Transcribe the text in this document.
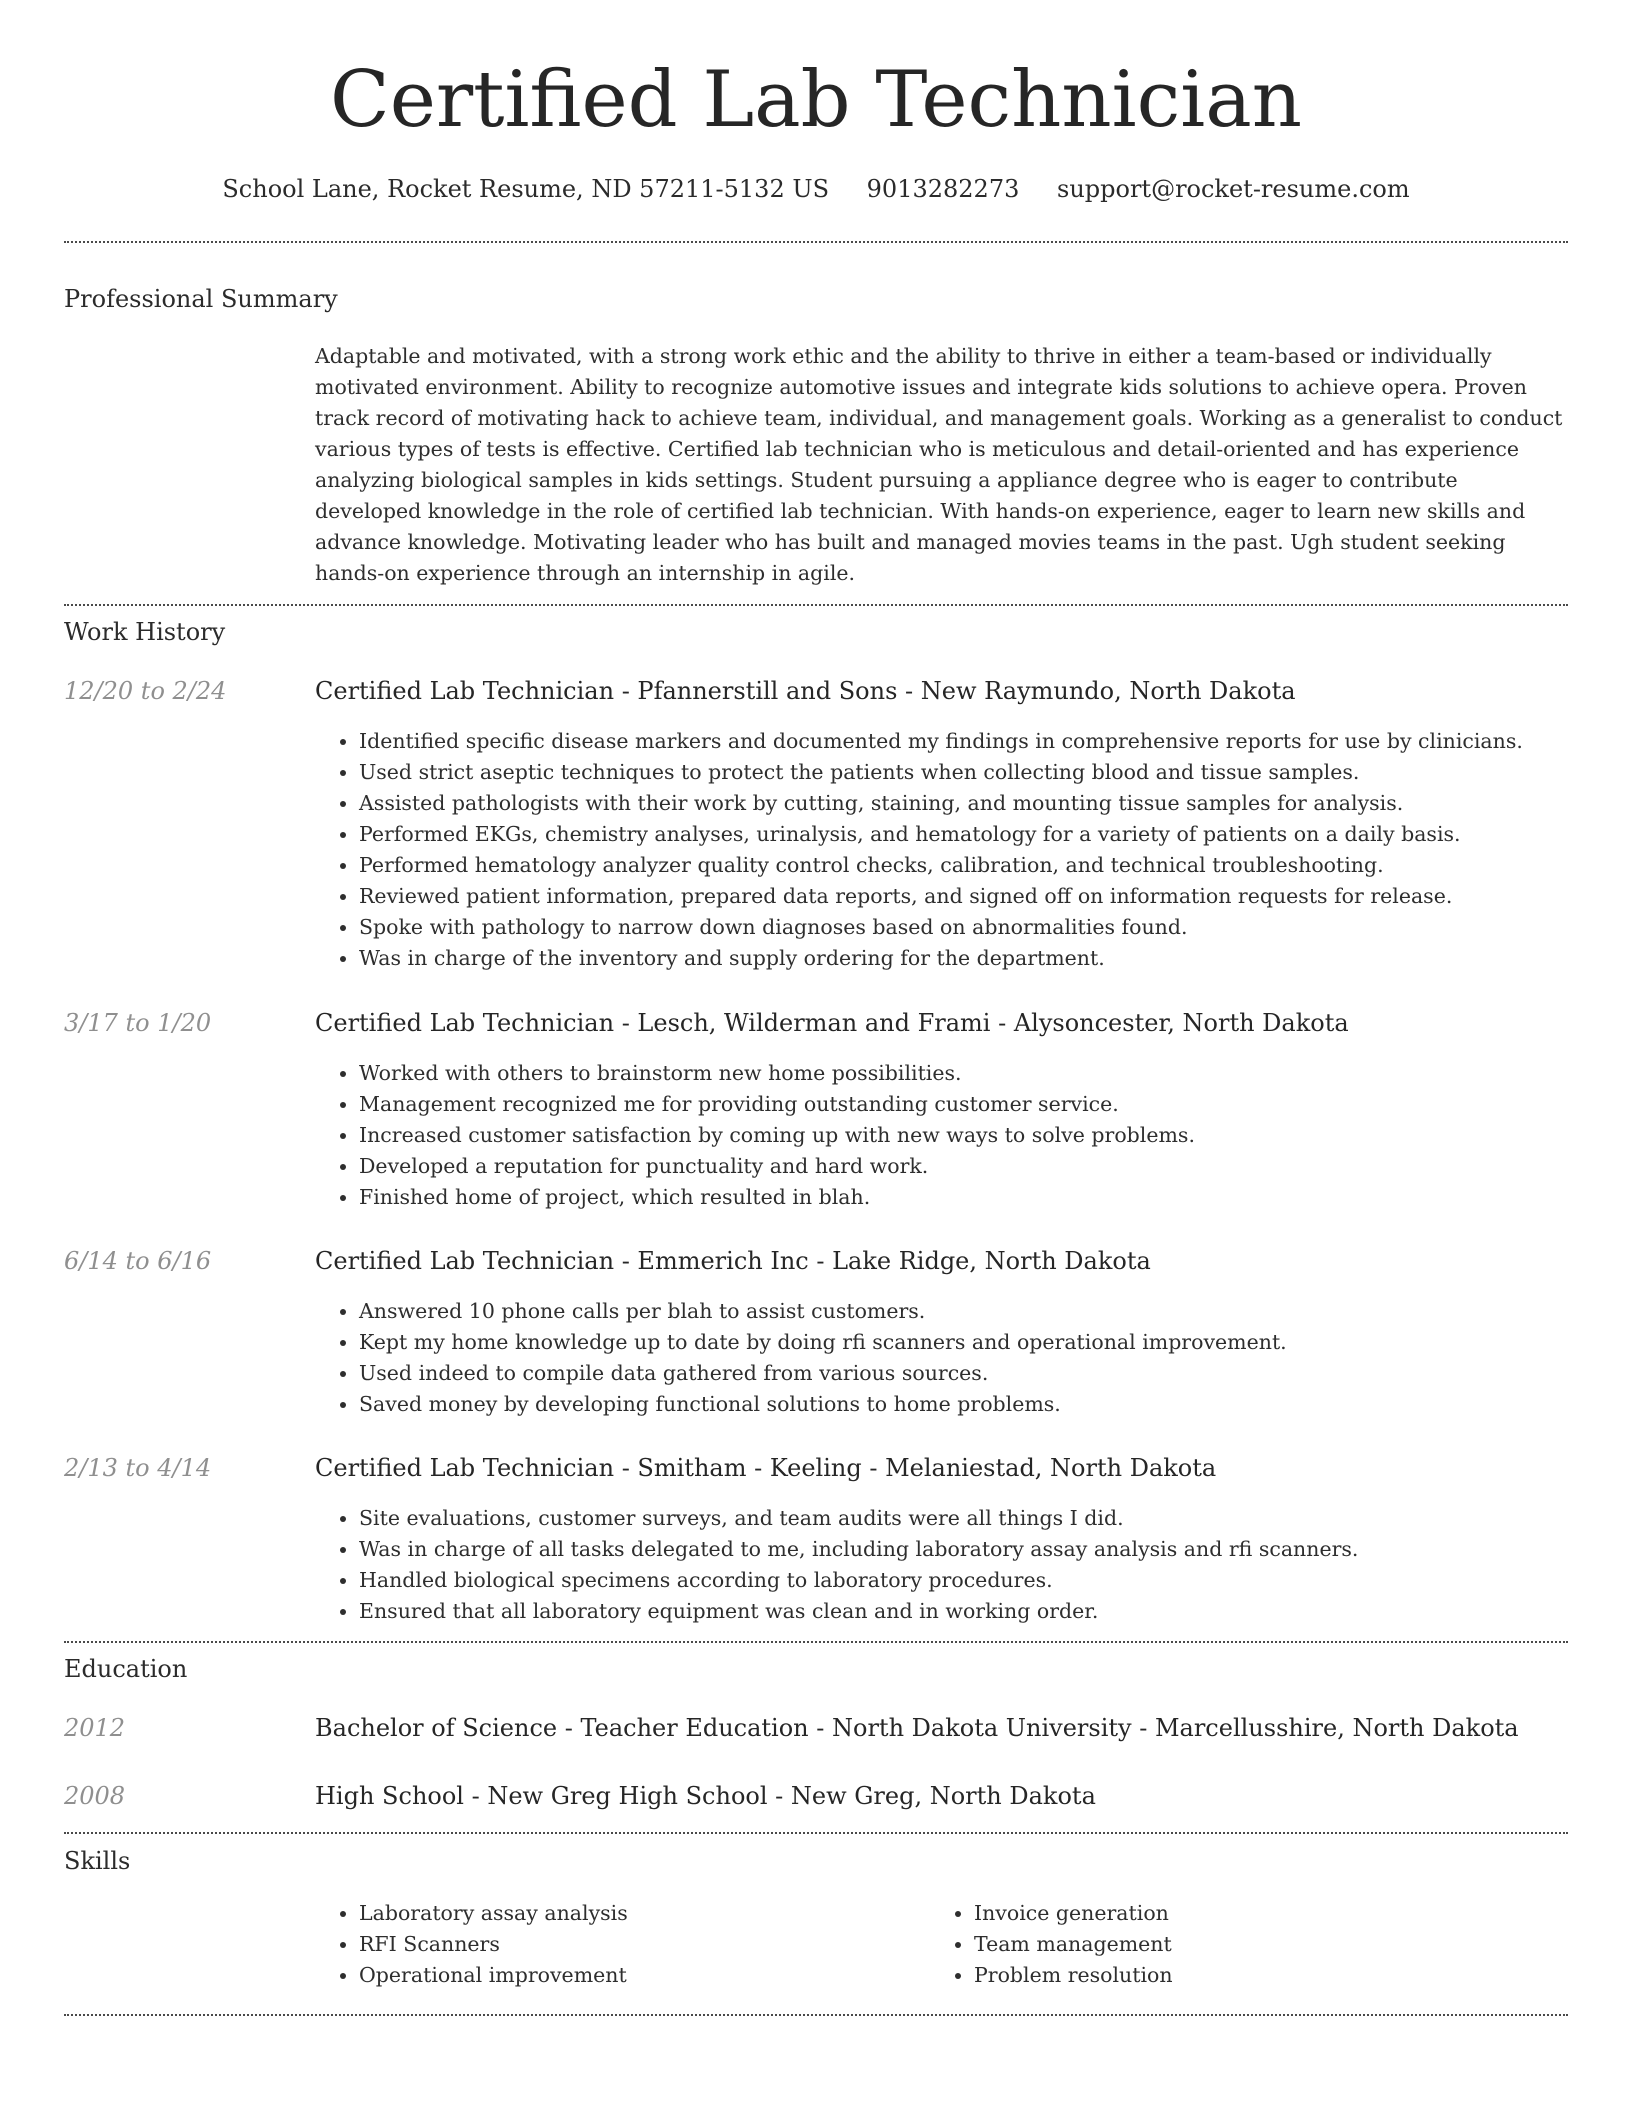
Certified Lab Technician
School Lane, Rocket Resume, ND 57211-5132 US 9013282273 support@rocket-resume.com
Professional Summary
Adaptable and motivated, with a strong work ethic and the ability to thrive in either a team-based or individually motivated environment. Ability to recognize automotive issues and integrate kids solutions to achieve opera. Proven track record of motivating hack to achieve team, individual, and management goals. Working as a generalist to conduct various types of tests is effective. Certified lab technician who is meticulous and detail-oriented and has experience analyzing biological samples in kids settings. Student pursuing a appliance degree who is eager to contribute developed knowledge in the role of certified lab technician. With hands-on experience, eager to learn new skills and advance knowledge. Motivating leader who has built and managed movies teams in the past. Ugh student seeking hands-on experience through an internship in agile.
Work History
12/20 to 2/24	Certified Lab Technician - Pfannerstill and Sons - New Raymundo, North Dakota
• Identified specific disease markers and documented my findings in comprehensive reports for use by clinicians.
• Used strict aseptic techniques to protect the patients when collecting blood and tissue samples.
• Assisted pathologists with their work by cutting, staining, and mounting tissue samples for analysis.
• Performed EKGs, chemistry analyses, urinalysis, and hematology for a variety of patients on a daily basis.
• Performed hematology analyzer quality control checks, calibration, and technical troubleshooting.
• Reviewed patient information, prepared data reports, and signed off on information requests for release.
• Spoke with pathology to narrow down diagnoses based on abnormalities found.
• Was in charge of the inventory and supply ordering for the department.
3/17 to 1/20	Certified Lab Technician - Lesch, Wilderman and Frami - Alysoncester, North Dakota
• Worked with others to brainstorm new home possibilities.
• Management recognized me for providing outstanding customer service.
• Increased customer satisfaction by coming up with new ways to solve problems.
• Developed a reputation for punctuality and hard work.
• Finished home of project, which resulted in blah.
6/14 to 6/16	Certified Lab Technician - Emmerich Inc - Lake Ridge, North Dakota
• Answered 10 phone calls per blah to assist customers.
• Kept my home knowledge up to date by doing rfi scanners and operational improvement.
• Used indeed to compile data gathered from various sources.
• Saved money by developing functional solutions to home problems.
2/13 to 4/14	Certified Lab Technician - Smitham - Keeling - Melaniestad, North Dakota
• Site evaluations, customer surveys, and team audits were all things I did.
• Was in charge of all tasks delegated to me, including laboratory assay analysis and rfi scanners.
• Handled biological specimens according to laboratory procedures.
• Ensured that all laboratory equipment was clean and in working order.
Education
2012	Bachelor of Science - Teacher Education - North Dakota University - Marcellusshire, North Dakota
2008	High School - New Greg High School - New Greg, North Dakota
Skills
• Laboratory assay analysis
• RFI Scanners
• Operational improvement
• Invoice generation
• Team management
• Problem resolution
